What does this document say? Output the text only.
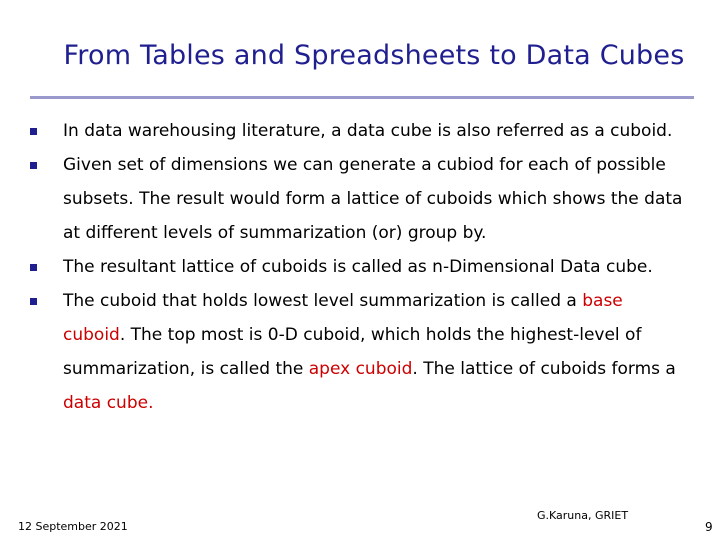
From Tables and Spreadsheets to Data Cubes
In data warehousing literature, a data cube is also referred as a cuboid.
Given set of dimensions we can generate a cubiod for each of possible subsets. The result would form a lattice of cuboids which shows the data at different levels of summarization (or) group by.
The resultant lattice of cuboids is called as n-Dimensional Data cube.
The cuboid that holds lowest level summarization is called a base cuboid. The top most is 0-D cuboid, which holds the highest-level of summarization, is called the apex cuboid. The lattice of cuboids forms a data cube.
12 September 2021
G.Karuna, GRIET
9
